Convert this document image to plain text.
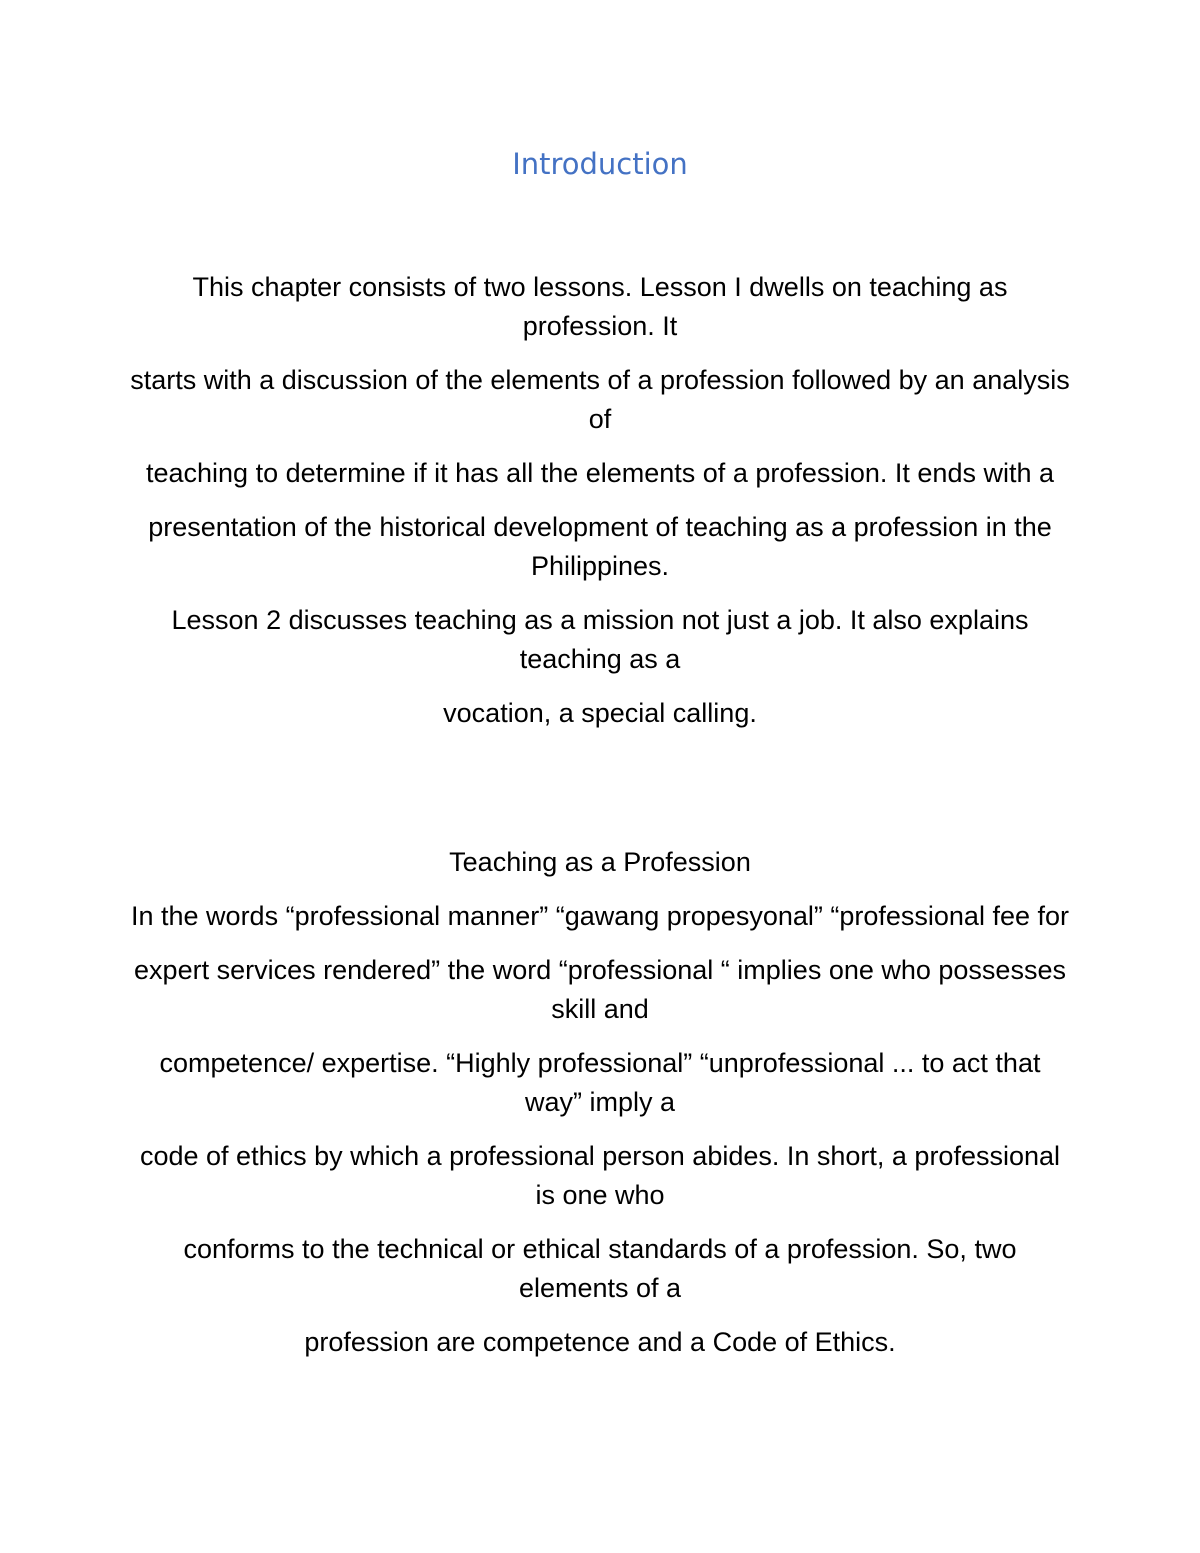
Introduction

This chapter consists of two lessons. Lesson I dwells on teaching as profession. It

starts with a discussion of the elements of a profession followed by an analysis of

teaching to determine if it has all the elements of a profession. It ends with a

presentation of the historical development of teaching as a profession in the Philippines.

Lesson 2 discusses teaching as a mission not just a job. It also explains teaching as a

vocation, a special calling.

Teaching as a Profession

In the words “professional manner” “gawang propesyonal” “professional fee for

expert services rendered” the word “professional “ implies one who possesses skill and

competence/ expertise. “Highly professional” “unprofessional ... to act that way” imply a

code of ethics by which a professional person abides. In short, a professional is one who

conforms to the technical or ethical standards of a profession. So, two elements of a

profession are competence and a Code of Ethics.
